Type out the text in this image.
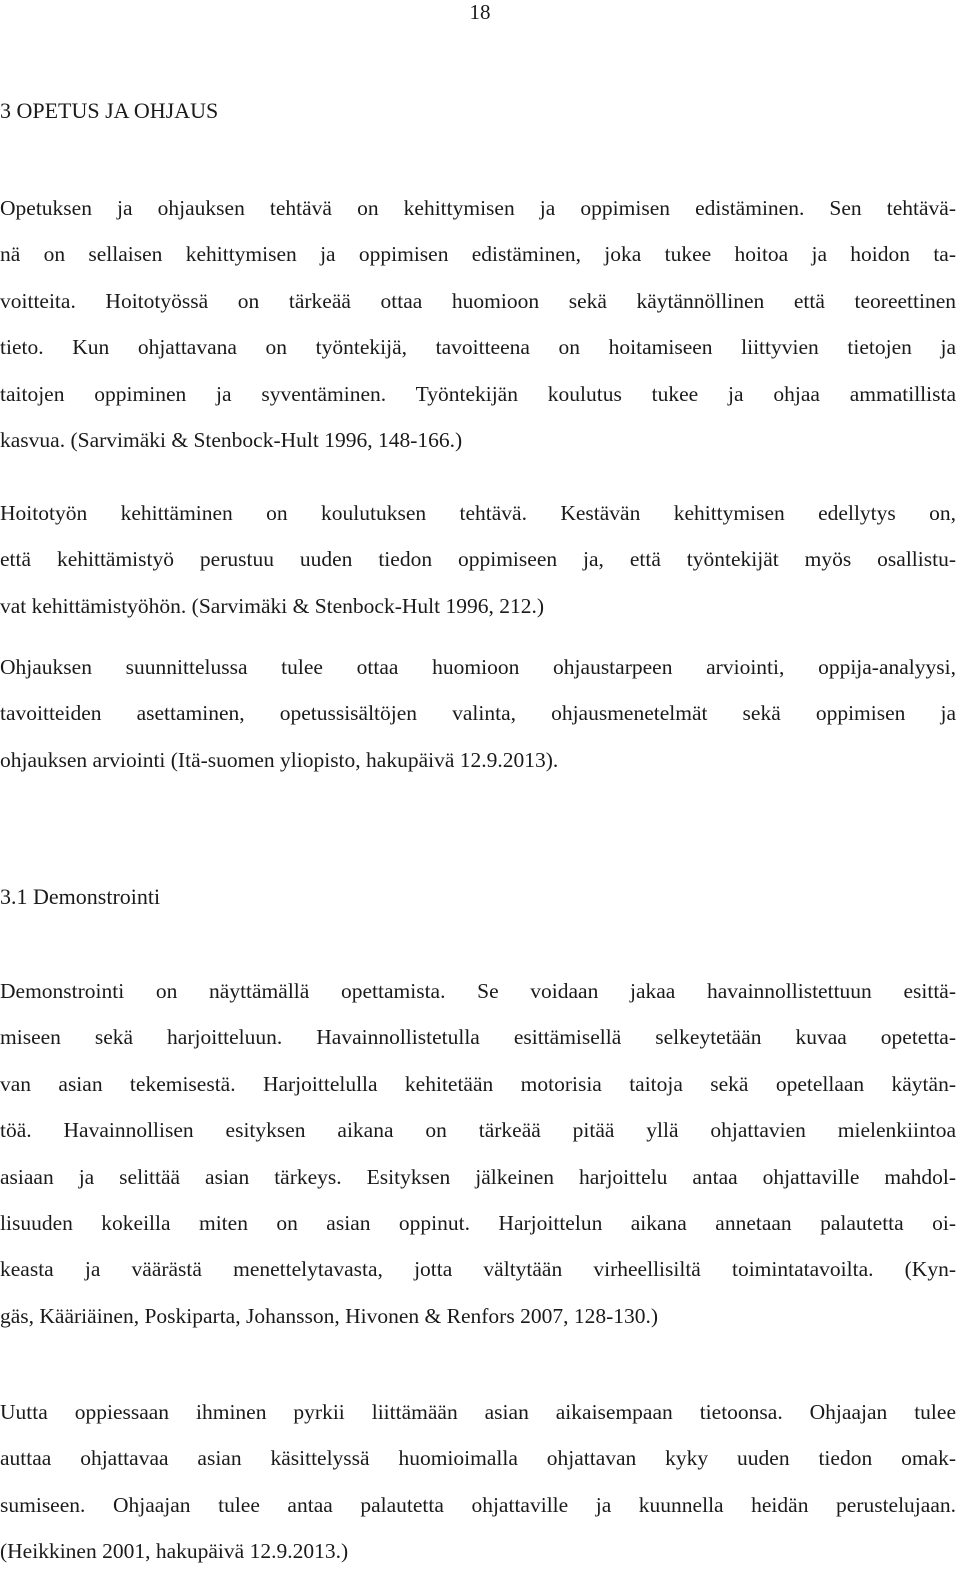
18
3 OPETUS JA OHJAUS
Opetuksen ja ohjauksen tehtävä on kehittymisen ja oppimisen edistäminen. Sen tehtävä-
nä on sellaisen kehittymisen ja oppimisen edistäminen, joka tukee hoitoa ja hoidon ta-
voitteita. Hoitotyössä on tärkeää ottaa huomioon sekä käytännöllinen että teoreettinen
tieto. Kun ohjattavana on työntekijä, tavoitteena on hoitamiseen liittyvien tietojen ja
taitojen oppiminen ja syventäminen. Työntekijän koulutus tukee ja ohjaa ammatillista
kasvua. (Sarvimäki & Stenbock-Hult 1996, 148-166.)
Hoitotyön kehittäminen on koulutuksen tehtävä. Kestävän kehittymisen edellytys on,
että kehittämistyö perustuu uuden tiedon oppimiseen ja, että työntekijät myös osallistu-
vat kehittämistyöhön. (Sarvimäki & Stenbock-Hult 1996, 212.)
Ohjauksen suunnittelussa tulee ottaa huomioon ohjaustarpeen arviointi, oppija-analyysi,
tavoitteiden asettaminen, opetussisältöjen valinta, ohjausmenetelmät sekä oppimisen ja
ohjauksen arviointi (Itä-suomen yliopisto, hakupäivä 12.9.2013).
3.1 Demonstrointi
Demonstrointi on näyttämällä opettamista. Se voidaan jakaa havainnollistettuun esittä-
miseen sekä harjoitteluun. Havainnollistetulla esittämisellä selkeytetään kuvaa opetetta-
van asian tekemisestä. Harjoittelulla kehitetään motorisia taitoja sekä opetellaan käytän-
töä. Havainnollisen esityksen aikana on tärkeää pitää yllä ohjattavien mielenkiintoa
asiaan ja selittää asian tärkeys. Esityksen jälkeinen harjoittelu antaa ohjattaville mahdol-
lisuuden kokeilla miten on asian oppinut. Harjoittelun aikana annetaan palautetta oi-
keasta ja väärästä menettelytavasta, jotta vältytään virheellisiltä toimintatavoilta. (Kyn-
gäs, Kääriäinen, Poskiparta, Johansson, Hivonen & Renfors 2007, 128-130.)
Uutta oppiessaan ihminen pyrkii liittämään asian aikaisempaan tietoonsa. Ohjaajan tulee
auttaa ohjattavaa asian käsittelyssä huomioimalla ohjattavan kyky uuden tiedon omak-
sumiseen. Ohjaajan tulee antaa palautetta ohjattaville ja kuunnella heidän perustelujaan.
(Heikkinen 2001, hakupäivä 12.9.2013.)
